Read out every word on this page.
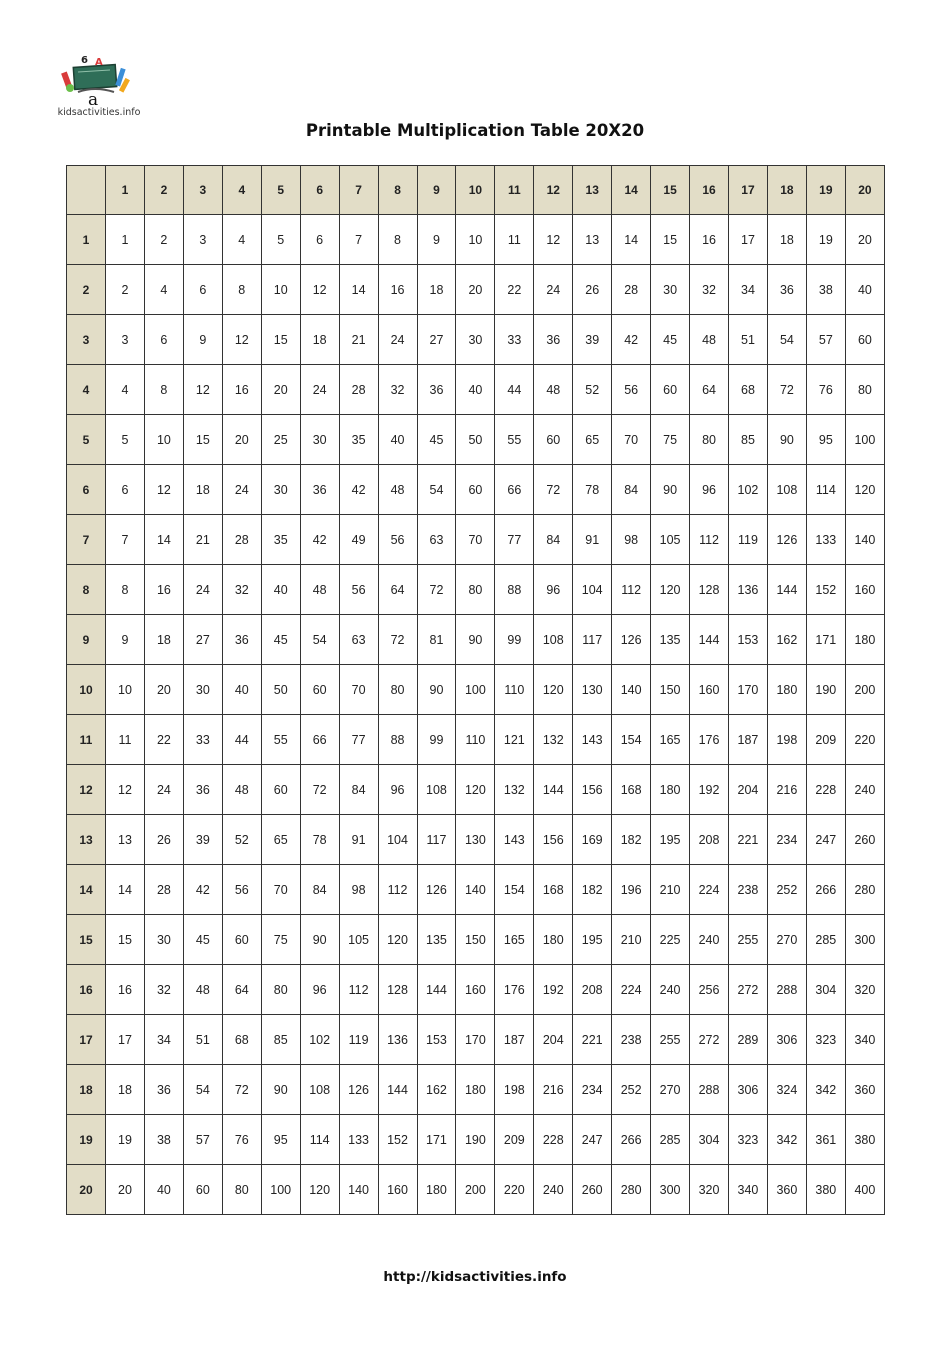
6 A
a
kidsactivities.info
Printable Multiplication Table 20X20
	1	2	3	4	5	6	7	8	9	10	11	12	13	14	15	16	17	18	19	20
1	1	2	3	4	5	6	7	8	9	10	11	12	13	14	15	16	17	18	19	20
2	2	4	6	8	10	12	14	16	18	20	22	24	26	28	30	32	34	36	38	40
3	3	6	9	12	15	18	21	24	27	30	33	36	39	42	45	48	51	54	57	60
4	4	8	12	16	20	24	28	32	36	40	44	48	52	56	60	64	68	72	76	80
5	5	10	15	20	25	30	35	40	45	50	55	60	65	70	75	80	85	90	95	100
6	6	12	18	24	30	36	42	48	54	60	66	72	78	84	90	96	102	108	114	120
7	7	14	21	28	35	42	49	56	63	70	77	84	91	98	105	112	119	126	133	140
8	8	16	24	32	40	48	56	64	72	80	88	96	104	112	120	128	136	144	152	160
9	9	18	27	36	45	54	63	72	81	90	99	108	117	126	135	144	153	162	171	180
10	10	20	30	40	50	60	70	80	90	100	110	120	130	140	150	160	170	180	190	200
11	11	22	33	44	55	66	77	88	99	110	121	132	143	154	165	176	187	198	209	220
12	12	24	36	48	60	72	84	96	108	120	132	144	156	168	180	192	204	216	228	240
13	13	26	39	52	65	78	91	104	117	130	143	156	169	182	195	208	221	234	247	260
14	14	28	42	56	70	84	98	112	126	140	154	168	182	196	210	224	238	252	266	280
15	15	30	45	60	75	90	105	120	135	150	165	180	195	210	225	240	255	270	285	300
16	16	32	48	64	80	96	112	128	144	160	176	192	208	224	240	256	272	288	304	320
17	17	34	51	68	85	102	119	136	153	170	187	204	221	238	255	272	289	306	323	340
18	18	36	54	72	90	108	126	144	162	180	198	216	234	252	270	288	306	324	342	360
19	19	38	57	76	95	114	133	152	171	190	209	228	247	266	285	304	323	342	361	380
20	20	40	60	80	100	120	140	160	180	200	220	240	260	280	300	320	340	360	380	400
http://kidsactivities.info
